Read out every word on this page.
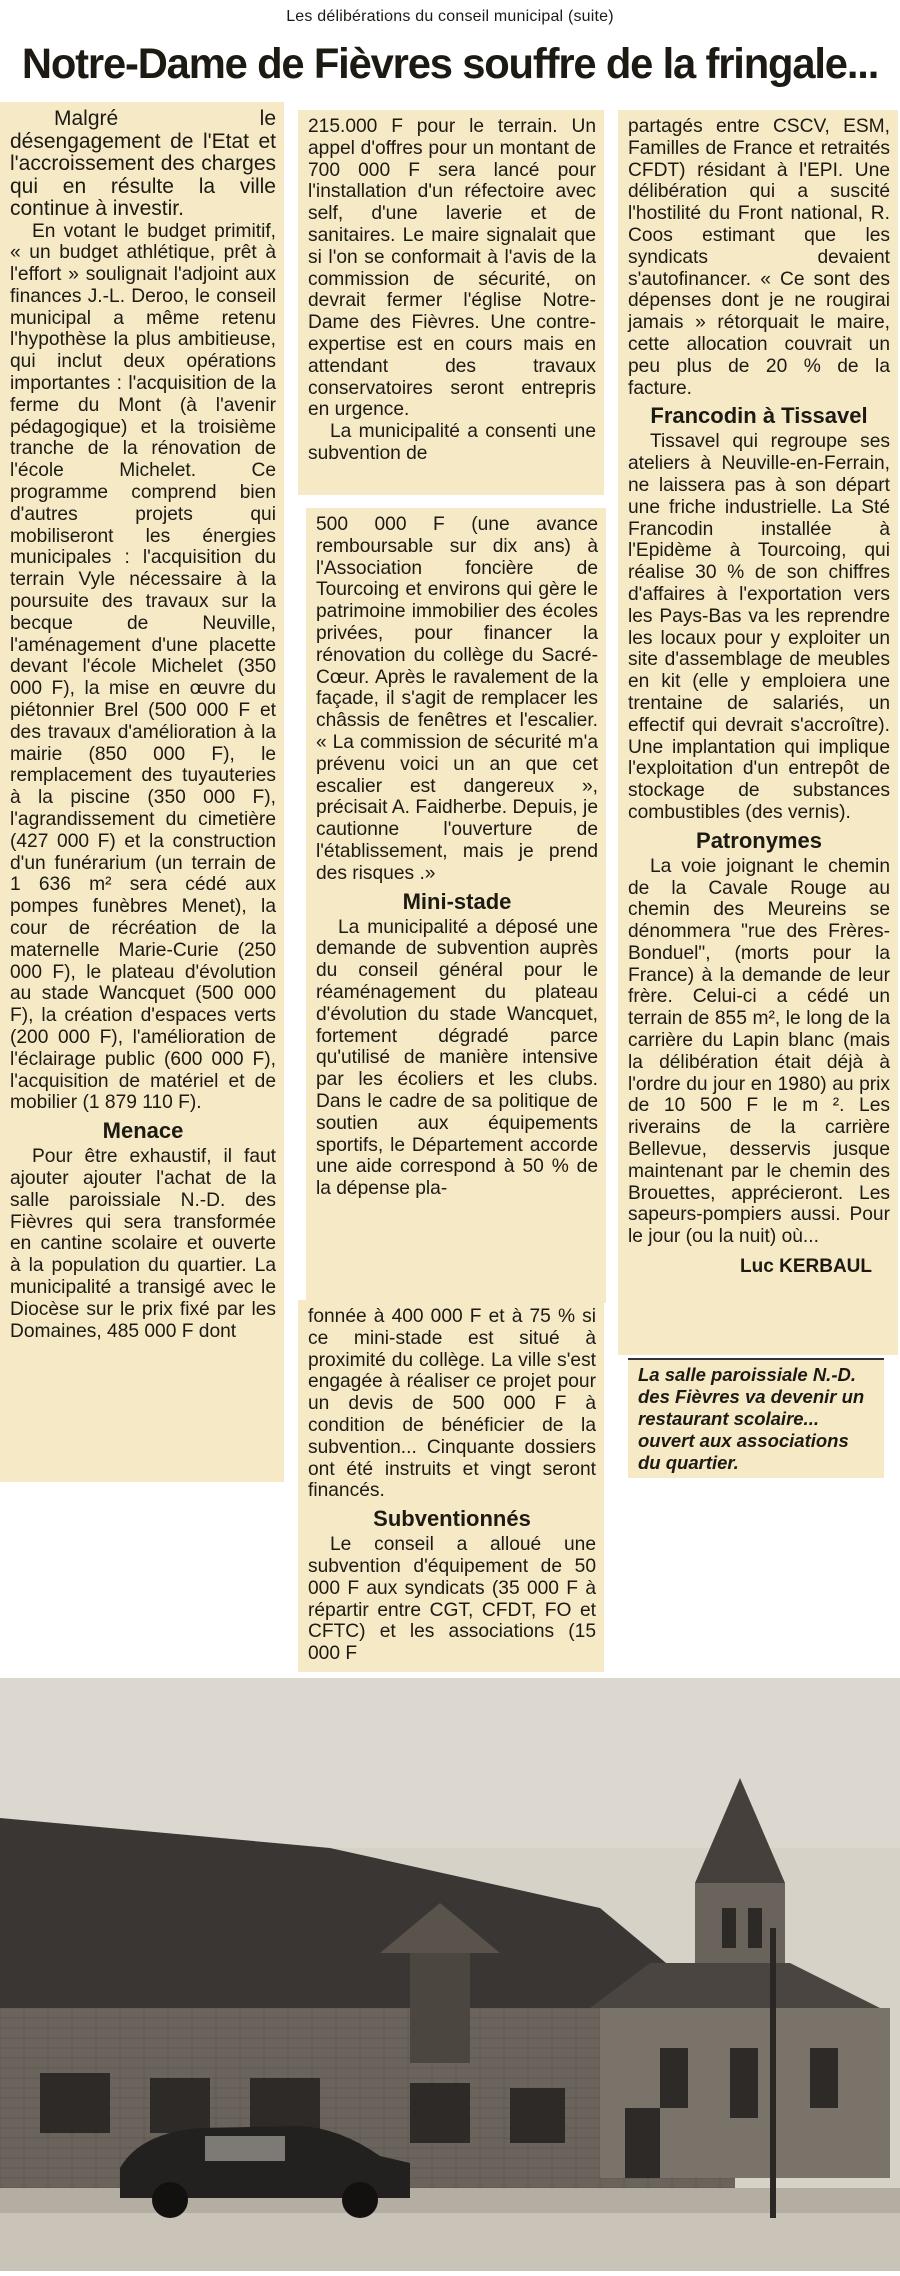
Les délibérations du conseil municipal (suite)
Notre-Dame de Fièvres souffre de la fringale...

Malgré le désengagement de l'Etat et l'accroissement des charges qui en résulte la ville continue à investir.

En votant le budget primitif, « un budget athlétique, prêt à l'effort » soulignait l'adjoint aux finances J.-L. Deroo, le conseil municipal a même retenu l'hypothèse la plus ambitieuse, qui inclut deux opérations importantes : l'acquisition de la ferme du Mont (à l'avenir pédagogique) et la troisième tranche de la rénovation de l'école Michelet. Ce programme comprend bien d'autres projets qui mobiliseront les énergies municipales : l'acquisition du terrain Vyle nécessaire à la poursuite des travaux sur la becque de Neuville, l'aménagement d'une placette devant l'école Michelet (350 000 F), la mise en œuvre du piétonnier Brel (500 000 F et des travaux d'amélioration à la mairie (850 000 F), le remplacement des tuyauteries à la piscine (350 000 F), l'agrandissement du cimetière (427 000 F) et la construction d'un funérarium (un terrain de 1 636 m² sera cédé aux pompes funèbres Menet), la cour de récréation de la maternelle Marie-Curie (250 000 F), le plateau d'évolution au stade Wancquet (500 000 F), la création d'espaces verts (200 000 F), l'amélioration de l'éclairage public (600 000 F), l'acquisition de matériel et de mobilier (1 879 110 F).

Menace

Pour être exhaustif, il faut ajouter ajouter l'achat de la salle paroissiale N.-D. des Fièvres qui sera transformée en cantine scolaire et ouverte à la population du quartier. La municipalité a transigé avec le Diocèse sur le prix fixé par les Domaines, 485 000 F dont

215.000 F pour le terrain. Un appel d'offres pour un montant de 700 000 F sera lancé pour l'installation d'un réfectoire avec self, d'une laverie et de sanitaires. Le maire signalait que si l'on se conformait à l'avis de la commission de sécurité, on devrait fermer l'église Notre-Dame des Fièvres. Une contre-expertise est en cours mais en attendant des travaux conservatoires seront entrepris en urgence.

La municipalité a consenti une subvention de

500 000 F (une avance remboursable sur dix ans) à l'Association foncière de Tourcoing et environs qui gère le patrimoine immobilier des écoles privées, pour financer la rénovation du collège du Sacré-Cœur. Après le ravalement de la façade, il s'agit de remplacer les châssis de fenêtres et l'escalier. « La commission de sécurité m'a prévenu voici un an que cet escalier est dangereux », précisait A. Faidherbe. Depuis, je cautionne l'ouverture de l'établissement, mais je prend des risques .»

Mini-stade

La municipalité a déposé une demande de subvention auprès du conseil général pour le réaménagement du plateau d'évolution du stade Wancquet, fortement dégradé parce qu'utilisé de manière intensive par les écoliers et les clubs. Dans le cadre de sa politique de soutien aux équipements sportifs, le Département accorde une aide correspond à 50 % de la dépense pla-

fonnée à 400 000 F et à 75 % si ce mini-stade est situé à proximité du collège. La ville s'est engagée à réaliser ce projet pour un devis de 500 000 F à condition de bénéficier de la subvention... Cinquante dossiers ont été instruits et vingt seront financés.

Subventionnés

Le conseil a alloué une subvention d'équipement de 50 000 F aux syndicats (35 000 F à répartir entre CGT, CFDT, FO et CFTC) et les associations (15 000 F

partagés entre CSCV, ESM, Familles de France et retraités CFDT) résidant à l'EPI. Une délibération qui a suscité l'hostilité du Front national, R. Coos estimant que les syndicats devaient s'autofinancer. « Ce sont des dépenses dont je ne rougirai jamais » rétorquait le maire, cette allocation couvrait un peu plus de 20 % de la facture.

Francodin à Tissavel

Tissavel qui regroupe ses ateliers à Neuville-en-Ferrain, ne laissera pas à son départ une friche industrielle. La Sté Francodin installée à l'Epidème à Tourcoing, qui réalise 30 % de son chiffres d'affaires à l'exportation vers les Pays-Bas va les reprendre les locaux pour y exploiter un site d'assemblage de meubles en kit (elle y emploiera une trentaine de salariés, un effectif qui devrait s'accroître). Une implantation qui implique l'exploitation d'un entrepôt de stockage de substances combustibles (des vernis).

Patronymes

La voie joignant le chemin de la Cavale Rouge au chemin des Meureins se dénommera "rue des Frères-Bonduel", (morts pour la France) à la demande de leur frère. Celui-ci a cédé un terrain de 855 m², le long de la carrière du Lapin blanc (mais la délibération était déjà à l'ordre du jour en 1980) au prix de 10 500 F le m ². Les riverains de la carrière Bellevue, desservis jusque maintenant par le chemin des Brouettes, apprécieront. Les sapeurs-pompiers aussi. Pour le jour (ou la nuit) où...

Luc KERBAUL
La salle paroissiale N.-D. des Fièvres va devenir un restaurant scolaire... ouvert aux associations du quartier.
